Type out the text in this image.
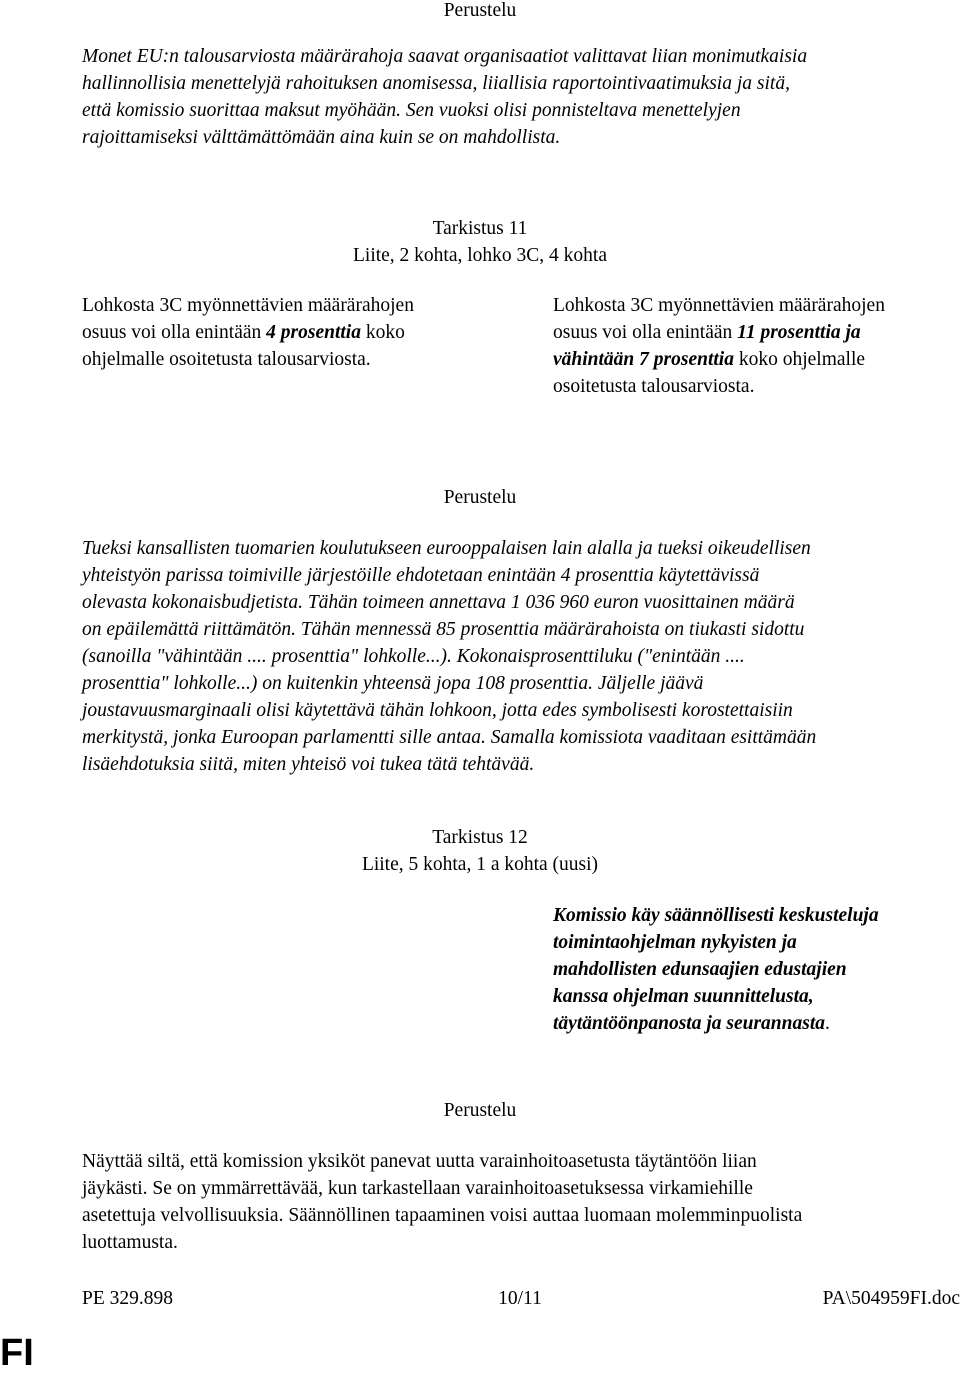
Perustelu
Monet EU:n talousarviosta määrärahoja saavat organisaatiot valittavat liian monimutkaisia
hallinnollisia menettelyjä rahoituksen anomisessa, liiallisia raportointivaatimuksia ja sitä,
että komissio suorittaa maksut myöhään. Sen vuoksi olisi ponnisteltava menettelyjen
rajoittamiseksi välttämättömään aina kuin se on mahdollista.
Tarkistus 11
Liite, 2 kohta, lohko 3C, 4 kohta
Lohkosta 3C myönnettävien määrärahojen
osuus voi olla enintään 4 prosenttia koko
ohjelmalle osoitetusta talousarviosta.
Lohkosta 3C myönnettävien määrärahojen
osuus voi olla enintään 11 prosenttia ja
vähintään 7 prosenttia koko ohjelmalle
osoitetusta talousarviosta.
Perustelu
Tueksi kansallisten tuomarien koulutukseen eurooppalaisen lain alalla ja tueksi oikeudellisen
yhteistyön parissa toimiville järjestöille ehdotetaan enintään 4 prosenttia käytettävissä
olevasta kokonaisbudjetista. Tähän toimeen annettava 1 036 960 euron vuosittainen määrä
on epäilemättä riittämätön. Tähän mennessä 85 prosenttia määrärahoista on tiukasti sidottu
(sanoilla "vähintään .... prosenttia" lohkolle...). Kokonaisprosenttiluku ("enintään ....
prosenttia" lohkolle...) on kuitenkin yhteensä jopa 108 prosenttia. Jäljelle jäävä
joustavuusmarginaali olisi käytettävä tähän lohkoon, jotta edes symbolisesti korostettaisiin
merkitystä, jonka Euroopan parlamentti sille antaa. Samalla komissiota vaaditaan esittämään
lisäehdotuksia siitä, miten yhteisö voi tukea tätä tehtävää.
Tarkistus 12
Liite, 5 kohta, 1 a kohta (uusi)
Komissio käy säännöllisesti keskusteluja
toimintaohjelman nykyisten ja
mahdollisten edunsaajien edustajien
kanssa ohjelman suunnittelusta,
täytäntöönpanosta ja seurannasta.
Perustelu
Näyttää siltä, että komission yksiköt panevat uutta varainhoitoasetusta täytäntöön liian
jäykästi. Se on ymmärrettävää, kun tarkastellaan varainhoitoasetuksessa virkamiehille
asetettuja velvollisuuksia. Säännöllinen tapaaminen voisi auttaa luomaan molemminpuolista
luottamusta.
PE 329.898	10/11	PA\504959FI.doc
FI
